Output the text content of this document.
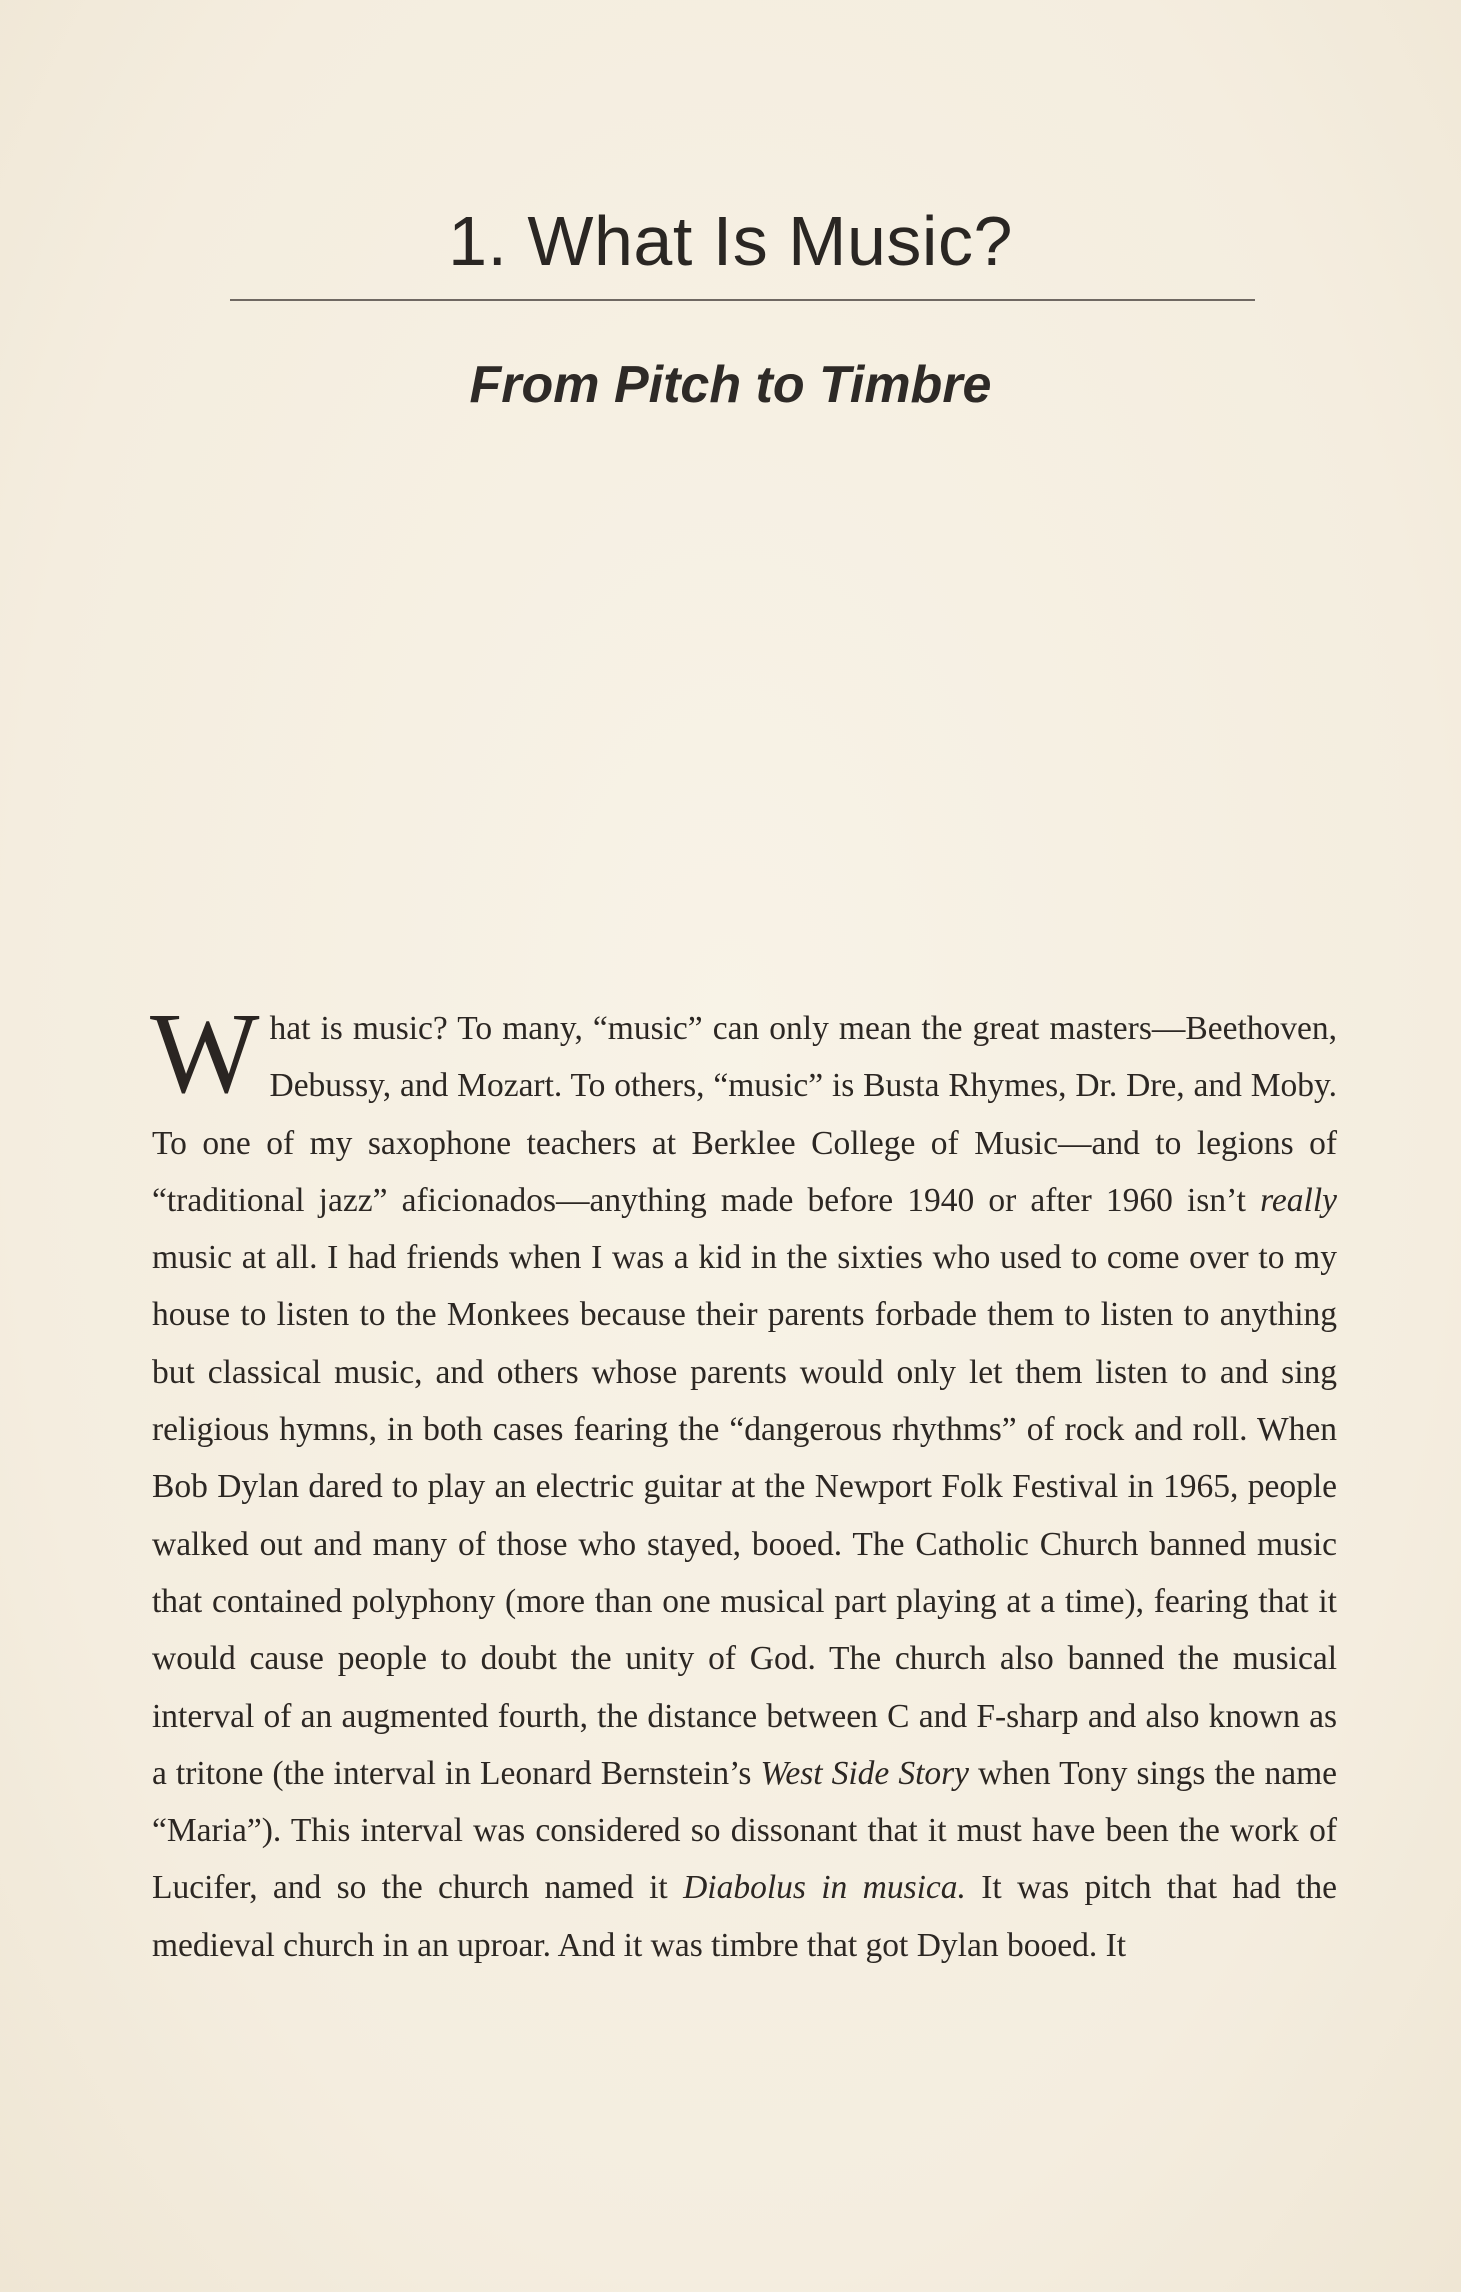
1. What Is Music?
From Pitch to Timbre

What is music? To many, “music” can only mean the great masters—Beethoven, Debussy, and Mozart. To others, “music” is Busta Rhymes, Dr. Dre, and Moby. To one of my saxophone teachers at Berklee College of Music—and to legions of “traditional jazz” aficionados—anything made before 1940 or after 1960 isn’t really music at all. I had friends when I was a kid in the sixties who used to come over to my house to listen to the Monkees because their parents forbade them to listen to anything but classical music, and others whose parents would only let them listen to and sing religious hymns, in both cases fearing the “dangerous rhythms” of rock and roll. When Bob Dylan dared to play an electric guitar at the Newport Folk Festival in 1965, people walked out and many of those who stayed, booed. The Catholic Church banned music that contained polyphony (more than one musical part playing at a time), fearing that it would cause people to doubt the unity of God. The church also banned the musical interval of an augmented fourth, the distance between C and F-sharp and also known as a tritone (the interval in Leonard Bernstein’s West Side Story when Tony sings the name “Maria”). This interval was considered so dissonant that it must have been the work of Lucifer, and so the church named it Diabolus in musica. It was pitch that had the medieval church in an uproar. And it was timbre that got Dylan booed. It
